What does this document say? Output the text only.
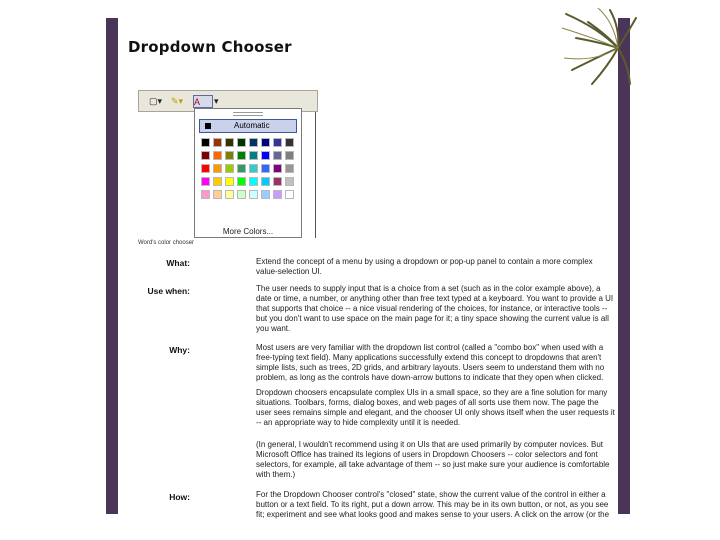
Dropdown Chooser
▢▾ ✎▾ A	▾
Automatic
More Colors...
Word's color chooser
What:	Extend the concept of a menu by using a dropdown or pop-up panel to contain a more complex value-selection UI.

Use when:	The user needs to supply input that is a choice from a set (such as in the color example above), a date or time, a number, or anything other than free text typed at a keyboard. You want to provide a UI that supports that choice -- a nice visual rendering of the choices, for instance, or interactive tools -- but you don't want to use space on the main page for it; a tiny space showing the current value is all you want.

Why:	Most users are very familiar with the dropdown list control (called a "combo box" when used with a free-typing text field). Many applications successfully extend this concept to dropdowns that aren't simple lists, such as trees, 2D grids, and arbitrary layouts. Users seem to understand them with no problem, as long as the controls have down-arrow buttons to indicate that they open when clicked.

Dropdown choosers encapsulate complex UIs in a small space, so they are a fine solution for many situations. Toolbars, forms, dialog boxes, and web pages of all sorts use them now. The page the user sees remains simple and elegant, and the chooser UI only shows itself when the user requests it -- an appropriate way to hide complexity until it is needed.

(In general, I wouldn't recommend using it on UIs that are used primarily by computer novices. But Microsoft Office has trained its legions of users in Dropdown Choosers -- color selectors and font selectors, for example, all take advantage of them -- so just make sure your audience is comfortable with them.)

How:	For the Dropdown Chooser control's "closed" state, show the current value of the control in either a button or a text field. To its right, put a down arrow. This may be in its own button, or not, as you see fit; experiment and see what looks good and makes sense to your users. A click on the arrow (or the
